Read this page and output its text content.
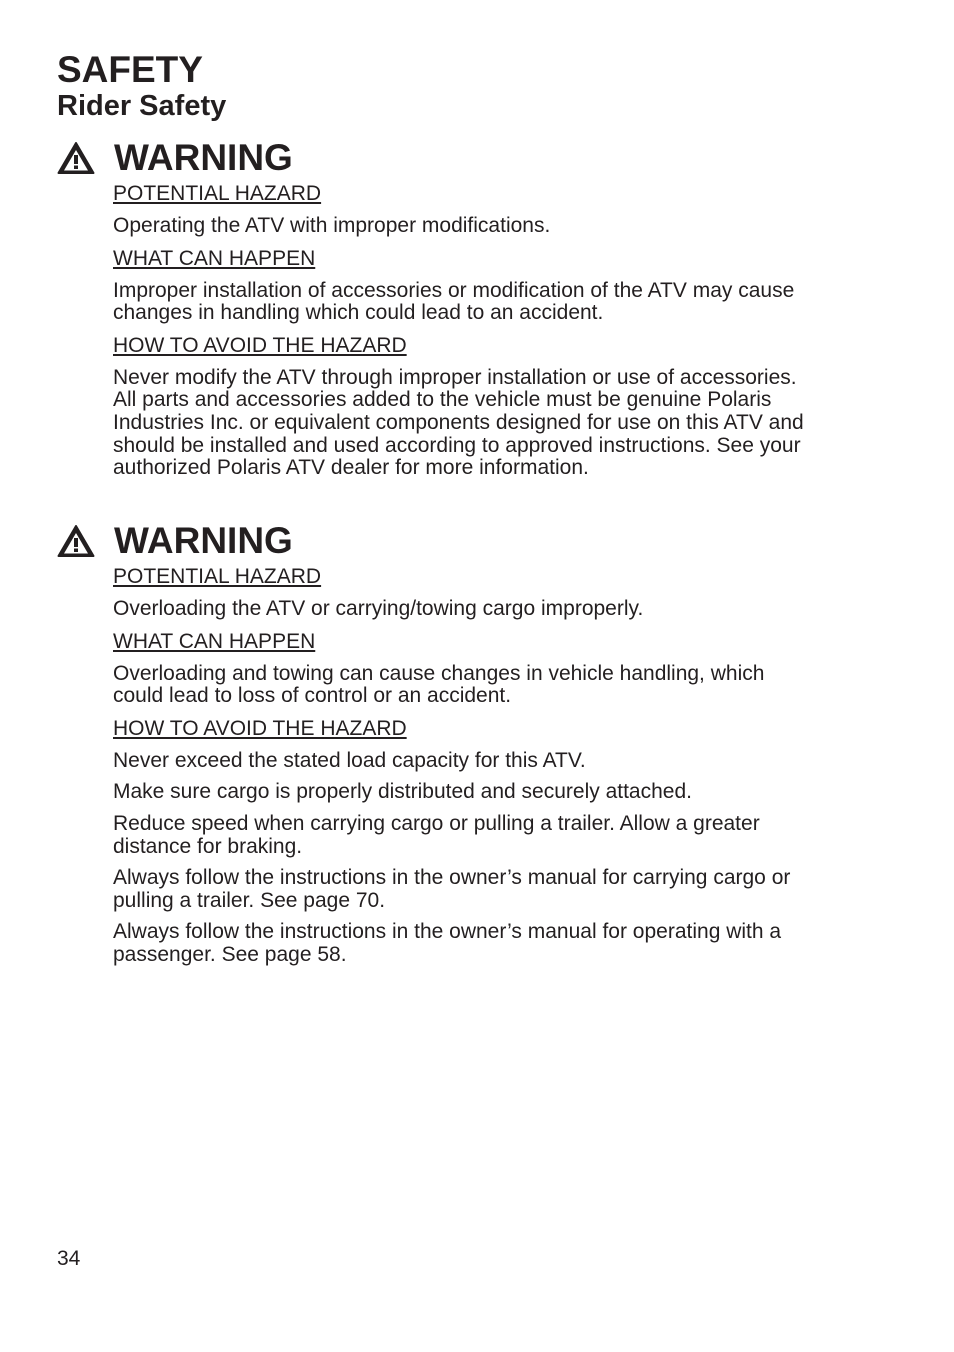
SAFETY
Rider Safety
WARNING

POTENTIAL HAZARD

Operating the ATV with improper modifications.

WHAT CAN HAPPEN

Improper installation of accessories or modification of the ATV may cause changes in handling which could lead to an accident.

HOW TO AVOID THE HAZARD

Never modify the ATV through improper installation or use of accessories. All parts and accessories added to the vehicle must be genuine Polaris Industries Inc. or equivalent components designed for use on this ATV and should be installed and used according to approved instructions. See your authorized Polaris ATV dealer for more information.

WARNING

POTENTIAL HAZARD

Overloading the ATV or carrying/towing cargo improperly.

WHAT CAN HAPPEN

Overloading and towing can cause changes in vehicle handling, which could lead to loss of control or an accident.

HOW TO AVOID THE HAZARD

Never exceed the stated load capacity for this ATV.

Make sure cargo is properly distributed and securely attached.

Reduce speed when carrying cargo or pulling a trailer. Allow a greater distance for braking.

Always follow the instructions in the owner’s manual for carrying cargo or pulling a trailer. See page 70.

Always follow the instructions in the owner’s manual for operating with a passenger. See page 58.

34
